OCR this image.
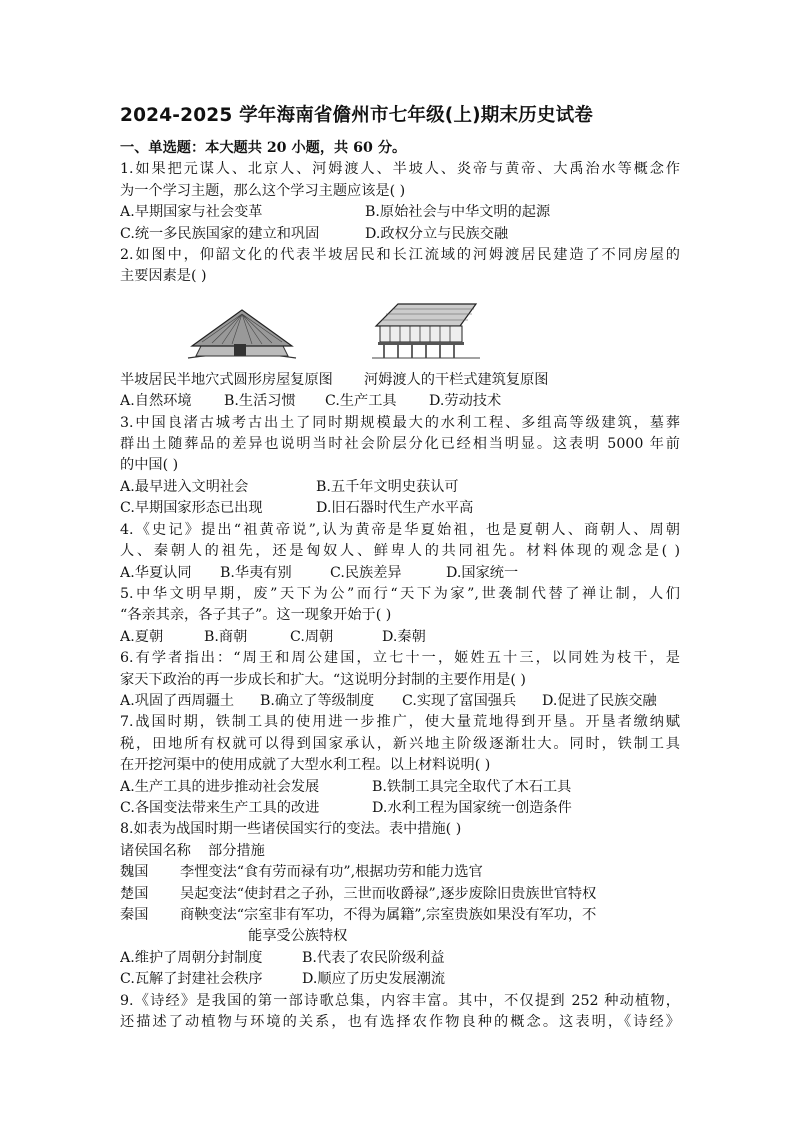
2024-2025 学年海南省儋州市七年级(上)期末历史试卷
一、单选题：本大题共 20 小题，共 60 分。
1.如果把元谋人、北京人、河姆渡人、半坡人、炎帝与黄帝、大禹治水等概念作
为一个学习主题，那么这个学习主题应该是( )
A.早期国家与社会变革	B.原始社会与中华文明的起源
C.统一多民族国家的建立和巩固	D.政权分立与民族交融
2.如图中，仰韶文化的代表半坡居民和长江流域的河姆渡居民建造了不同房屋的
主要因素是( )
半坡居民半地穴式圆形房屋复原图 河姆渡人的干栏式建筑复原图
A.自然环境 B.生活习惯 C.生产工具 D.劳动技术
3.中国良渚古城考古出土了同时期规模最大的水利工程、多组高等级建筑，墓葬
群出土随葬品的差异也说明当时社会阶层分化已经相当明显。这表明 5000 年前
的中国( )
A.最早进入文明社会	B.五千年文明史获认可
C.早期国家形态已出现	D.旧石器时代生产水平高
4.《史记》提出“祖黄帝说”,认为黄帝是华夏始祖，也是夏朝人、商朝人、周朝
人、秦朝人的祖先，还是匈奴人、鲜卑人的共同祖先。材料体现的观念是( )
A.华夏认同 B.华夷有别	C.民族差异	D.国家统一
5.中华文明早期，废”天下为公”而行“天下为家”,世袭制代替了禅让制，人们
“各亲其亲，各子其子”。这一现象开始于( )
A.夏朝	B.商朝	C.周朝	D.秦朝
6.有学者指出：“周王和周公建国，立七十一，姬姓五十三，以同姓为枝干，是
家天下政治的再一步成长和扩大。“这说明分封制的主要作用是( )
A.巩固了西周疆土 B.确立了等级制度 C.实现了富国强兵 D.促进了民族交融
7.战国时期，铁制工具的使用进一步推广，使大量荒地得到开垦。开垦者缴纳赋
税，田地所有权就可以得到国家承认，新兴地主阶级逐渐壮大。同时，铁制工具
在开挖河渠中的使用成就了大型水利工程。以上材料说明( )
A.生产工具的进步推动社会发展	B.铁制工具完全取代了木石工具
C.各国变法带来生产工具的改进	D.水利工程为国家统一创造条件
8.如表为战国时期一些诸侯国实行的变法。表中措施( )
诸侯国名称	部分措施
魏国	李悝变法“食有劳而禄有功”,根据功劳和能力选官
楚国	吴起变法“使封君之子孙，三世而收爵禄”,逐步废除旧贵族世官特权
秦国	商鞅变法“宗室非有军功，不得为属籍”,宗室贵族如果没有军功，不
能享受公族特权
A.维护了周朝分封制度	B.代表了农民阶级利益
C.瓦解了封建社会秩序	D.顺应了历史发展潮流
9.《诗经》是我国的第一部诗歌总集，内容丰富。其中，不仅提到 252 种动植物，
还描述了动植物与环境的关系，也有选择农作物良种的概念。这表明，《诗经》
